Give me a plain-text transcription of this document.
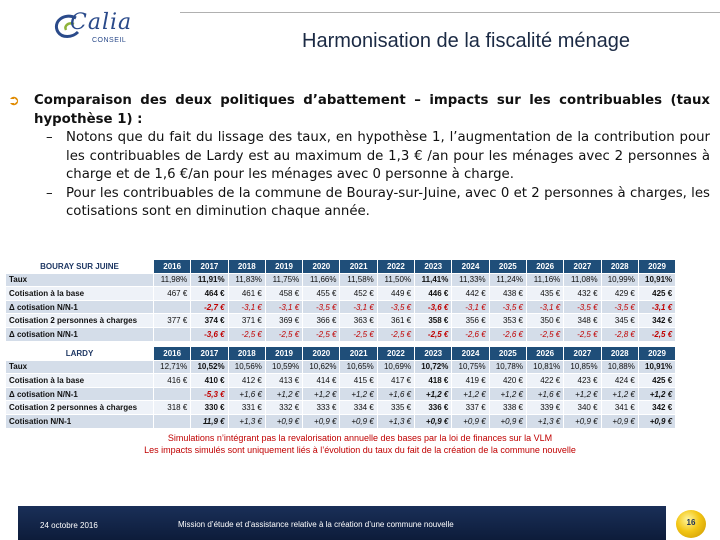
Calia
CONSEIL	Harmonisation de la fiscalité ménage
➲ Comparaison des deux politiques d’abattement – impacts sur les contribuables (taux hypothèse 1) :
– Notons que du fait du lissage des taux, en hypothèse 1, l’augmentation de la contribution pour les contribuables de Lardy est au maximum de 1,3 € /an pour les ménages avec 2 personnes à charge et de 1,6 €/an pour les ménages avec 0 personne à charge.
– Pour les contribuables de la commune de Bouray-sur-Juine, avec 0 et 2 personnes à charges, les cotisations sont en diminution chaque année.
BOURAY SUR JUINE	2016	2017	2018	2019	2020	2021	2022	2023	2024	2025	2026	2027	2028	2029
Taux	11,98%	11,91%	11,83%	11,75%	11,66%	11,58%	11,50%	11,41%	11,33%	11,24%	11,16%	11,08%	10,99%	10,91%
Cotisation à la base	467 €	464 €	461 €	458 €	455 €	452 €	449 €	446 €	442 €	438 €	435 €	432 €	429 €	425 €
Δ cotisation N/N-1		-2,7 €	-3,1 €	-3,1 €	-3,5 €	-3,1 €	-3,5 €	-3,6 €	-3,1 €	-3,5 €	-3,1 €	-3,5 €	-3,5 €	-3,1 €
Cotisation 2 personnes à charges	377 €	374 €	371 €	369 €	366 €	363 €	361 €	358 €	356 €	353 €	350 €	348 €	345 €	342 €
Δ cotisation N/N-1		-3,6 €	-2,5 €	-2,5 €	-2,5 €	-2,5 €	-2,5 €	-2,5 €	-2,6 €	-2,6 €	-2,5 €	-2,5 €	-2,8 €	-2,5 €
LARDY	2016	2017	2018	2019	2020	2021	2022	2023	2024	2025	2026	2027	2028	2029
Taux	12,71%	10,52%	10,56%	10,59%	10,62%	10,65%	10,69%	10,72%	10,75%	10,78%	10,81%	10,85%	10,88%	10,91%
Cotisation à la base	416 €	410 €	412 €	413 €	414 €	415 €	417 €	418 €	419 €	420 €	422 €	423 €	424 €	425 €
Δ cotisation N/N-1		-5,3 €	+1,6 €	+1,2 €	+1,2 €	+1,2 €	+1,6 €	+1,2 €	+1,2 €	+1,2 €	+1,6 €	+1,2 €	+1,2 €	+1,2 €
Cotisation 2 personnes à charges	318 €	330 €	331 €	332 €	333 €	334 €	335 €	336 €	337 €	338 €	339 €	340 €	341 €	342 €
Cotisation N/N-1		11,9 €	+1,3 €	+0,9 €	+0,9 €	+0,9 €	+1,3 €	+0,9 €	+0,9 €	+0,9 €	+1,3 €	+0,9 €	+0,9 €	+0,9 €
Simulations n’intégrant pas la revalorisation annuelle des bases par la loi de finances sur la VLM
Les impacts simulés sont uniquement liés à l’évolution du taux du fait de la création de la commune nouvelle
24 octobre 2016	Mission d’étude et d’assistance relative à la création d’une commune nouvelle	16
